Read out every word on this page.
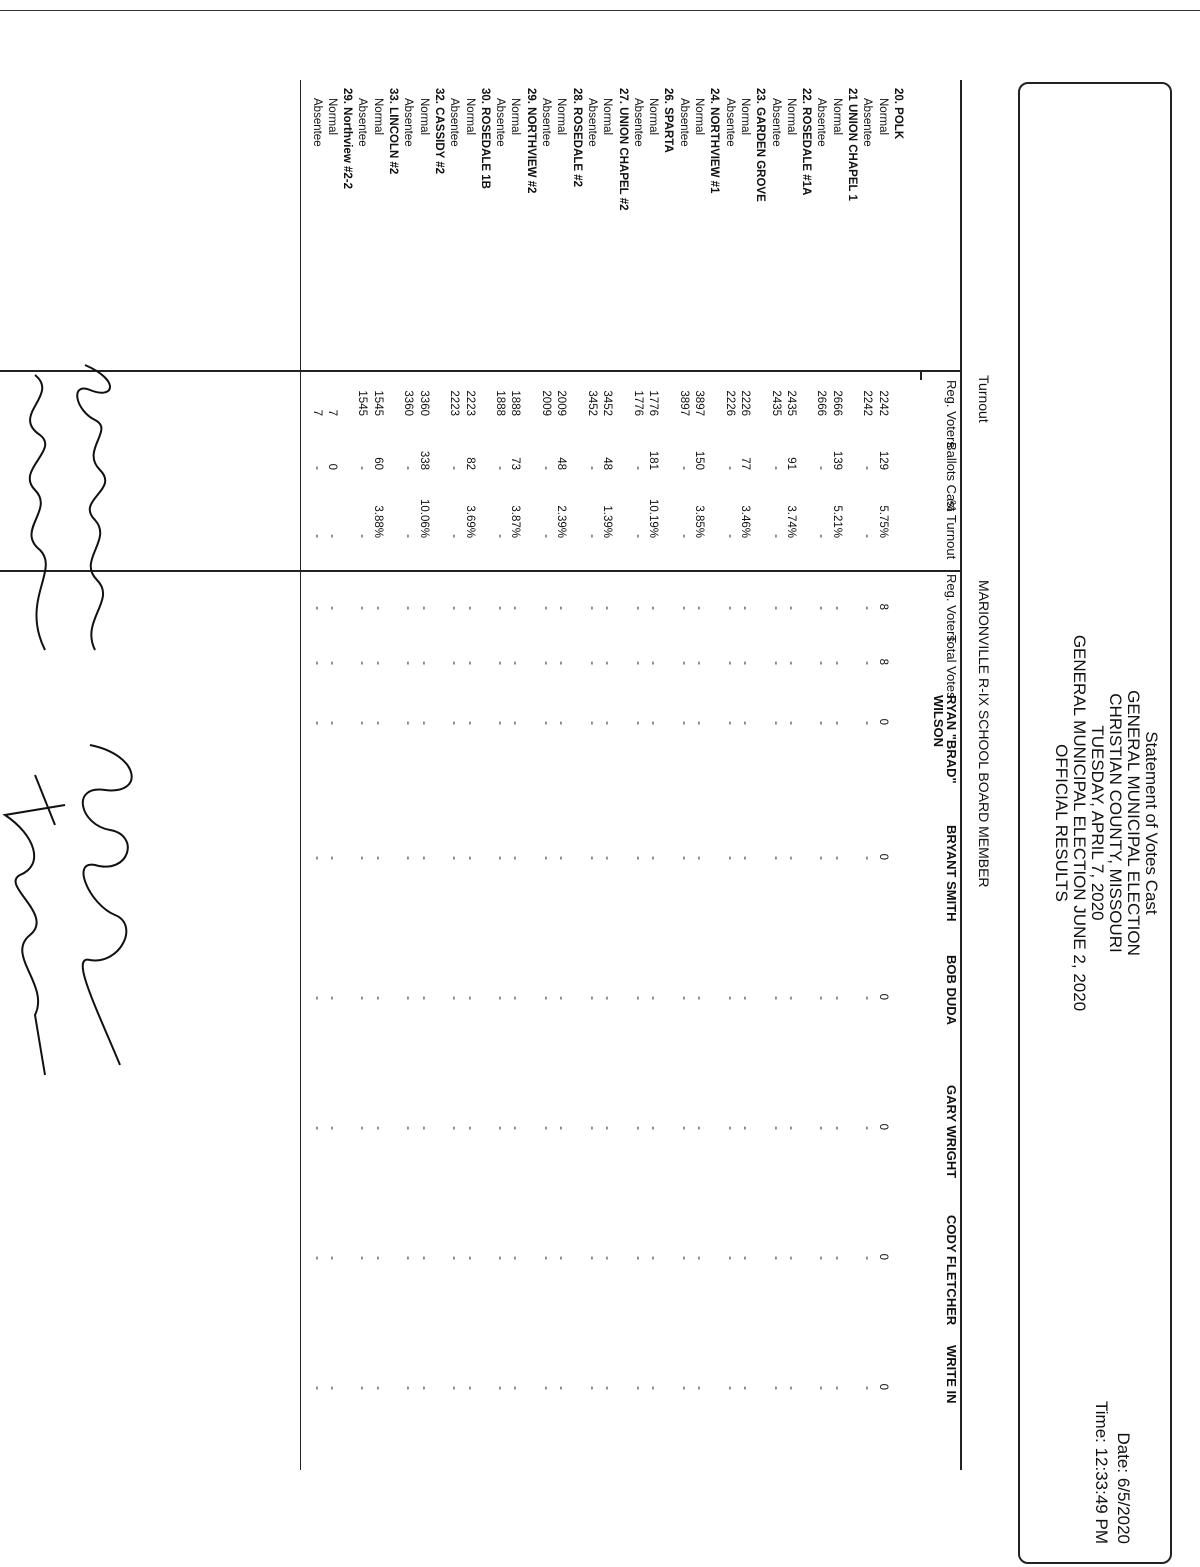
Statement of Votes Cast
GENERAL MUNICIPAL ELECTION
CHRISTIAN COUNTY, MISSOURI
TUESDAY, APRIL 7, 2020
GENERAL MUNICIPAL ELECTION JUNE 2, 2020
OFFICIAL RESULTS
Date: 6/5/2020
Time: 12:33:49 PM
Turnout
MARIONVILLE R-IX SCHOOL BOARD MEMBER
Reg. Voters
Ballots Cast
% Turnout
Reg. Voters
Total Votes
RYAN "BRAD" WILSON
BRYANT SMITH
BOB DUDA
GARY WRIGHT
CODY FLETCHER
WRITE IN
20. POLK
Normal
2242
129
5.75%
8
8
0
0
0
0
0
0
Absentee
2242
-
-
-
-
-
-
-
-
-
-
21 UNION CHAPEL 1
Normal
2666
139
5.21%
-
-
-
-
-
-
-
-
Absentee
2666
-
-
-
-
-
-
-
-
-
-
22. ROSEDALE #1A
Normal
2435
91
3.74%
-
-
-
-
-
-
-
-
Absentee
2435
-
-
-
-
-
-
-
-
-
-
23. GARDEN GROVE
Normal
2226
77
3.46%
-
-
-
-
-
-
-
-
Absentee
2226
-
-
-
-
-
-
-
-
-
-
24. NORTHVIEW #1
Normal
3897
150
3.85%
-
-
-
-
-
-
-
-
Absentee
3897
-
-
-
-
-
-
-
-
-
-
26. SPARTA
Normal
1776
181
10.19%
-
-
-
-
-
-
-
-
Absentee
1776
-
-
-
-
-
-
-
-
-
-
27. UNION CHAPEL #2
Normal
3452
48
1.39%
-
-
-
-
-
-
-
-
Absentee
3452
-
-
-
-
-
-
-
-
-
-
28. ROSEDALE #2
Normal
2009
48
2.39%
-
-
-
-
-
-
-
-
Absentee
2009
-
-
-
-
-
-
-
-
-
-
29. NORTHVIEW #2
Normal
1888
73
3.87%
-
-
-
-
-
-
-
-
Absentee
1888
-
-
-
-
-
-
-
-
-
-
30. ROSEDALE 1B
Normal
2223
82
3.69%
-
-
-
-
-
-
-
-
Absentee
2223
-
-
-
-
-
-
-
-
-
-
32. CASSIDY #2
Normal
3360
338
10.06%
-
-
-
-
-
-
-
-
Absentee
3360
-
-
-
-
-
-
-
-
-
-
33. LINCOLN #2
Normal
1545
60
3.88%
-
-
-
-
-
-
-
-
Absentee
1545
-
-
-
-
-
-
-
-
-
-
29. Northview #2-2
Normal
7
0
-
-
-
-
-
-
-
-
-
Absentee
7
-
-
-
-
-
-
-
-
-
-
